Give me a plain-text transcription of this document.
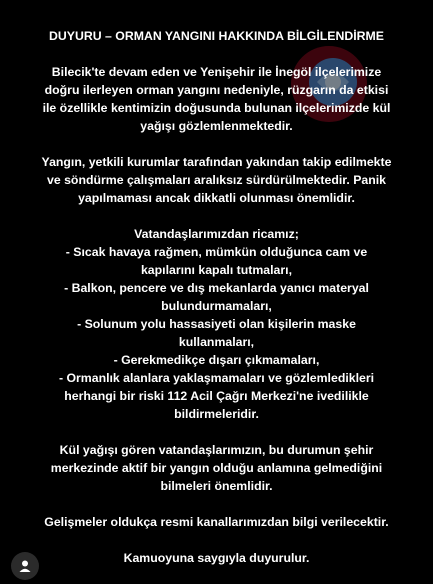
DUYURU – ORMAN YANGINI HAKKINDA BİLGİLENDİRME

Bilecik'te devam eden ve Yenişehir ile İnegöl ilçelerimize
doğru ilerleyen orman yangını nedeniyle, rüzgarın da etkisi
ile özellikle kentimizin doğusunda bulunan ilçelerimizde kül
yağışı gözlemlenmektedir.

Yangın, yetkili kurumlar tarafından yakından takip edilmekte
ve söndürme çalışmaları aralıksız sürdürülmektedir. Panik
yapılmaması ancak dikkatli olunması önemlidir.

Vatandaşlarımızdan ricamız;

- Sıcak havaya rağmen, mümkün olduğunca cam ve
kapılarını kapalı tutmaları,
- Balkon, pencere ve dış mekanlarda yanıcı materyal
bulundurmamaları,
- Solunum yolu hassasiyeti olan kişilerin maske
kullanmaları,
- Gerekmedikçe dışarı çıkmamaları,
- Ormanlık alanlara yaklaşmamaları ve gözlemledikleri
herhangi bir riski 112 Acil Çağrı Merkezi'ne ivedilikle
bildirmeleridir.

Kül yağışı gören vatandaşlarımızın, bu durumun şehir
merkezinde aktif bir yangın olduğu anlamına gelmediğini
bilmeleri önemlidir.

Gelişmeler oldukça resmi kanallarımızdan bilgi verilecektir.

Kamuoyuna saygıyla duyurulur.
